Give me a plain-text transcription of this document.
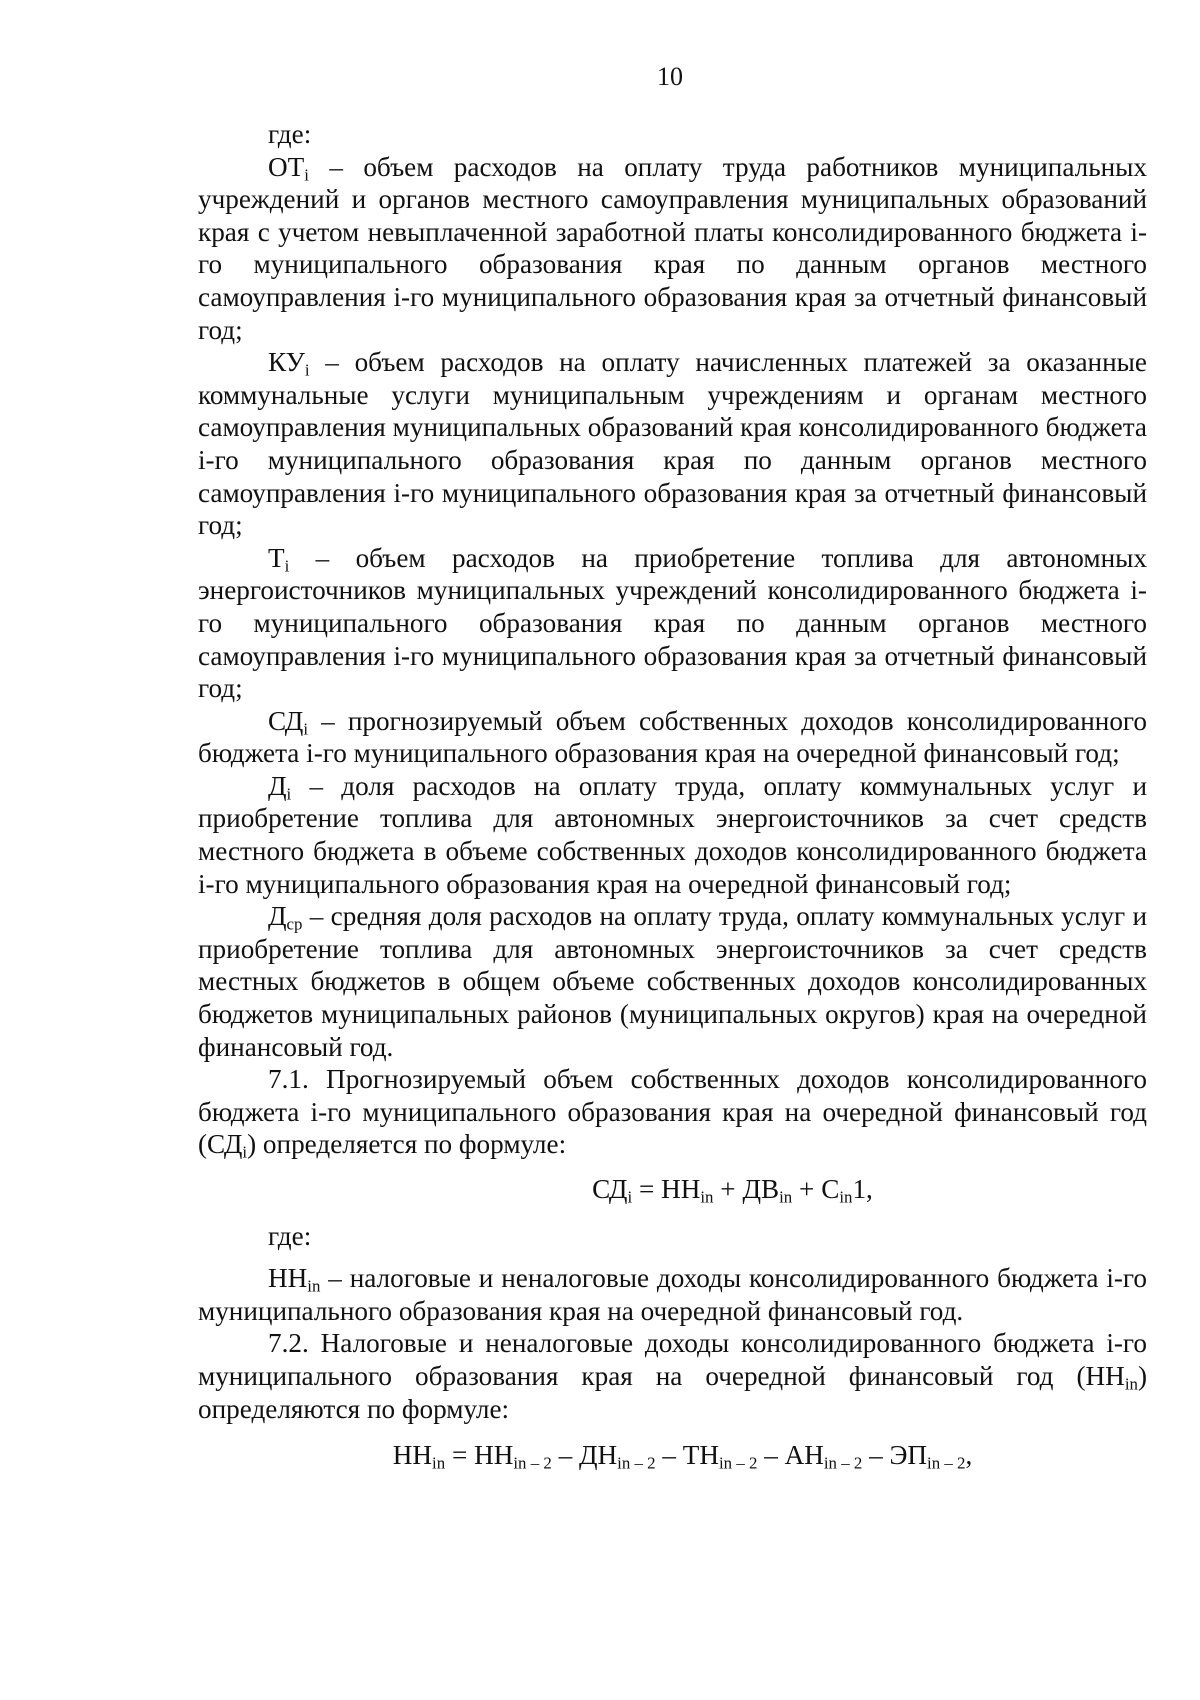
10

где:

$ОТ_i$ – объем расходов на оплату труда работников муниципальных учреждений и органов местного самоуправления муниципальных образований края с учетом невыплаченной заработной платы консолидированного бюджета i-го муниципального образования края по данным органов местного самоуправления i-го муниципального образования края за отчетный финансовый год;

$КУ_i$ – объем расходов на оплату начисленных платежей за оказанные коммунальные услуги муниципальным учреждениям и органам местного самоуправления муниципальных образований края консолидированного бюджета i-го муниципального образования края по данным органов местного самоуправления i-го муниципального образования края за отчетный финансовый год;

$Т_i$ – объем расходов на приобретение топлива для автономных энергоисточников муниципальных учреждений консолидированного бюджета i-го муниципального образования края по данным органов местного самоуправления i-го муниципального образования края за отчетный финансовый год;

$СД_i$ – прогнозируемый объем собственных доходов консолидированного бюджета i-го муниципального образования края на очередной финансовый год;

$Д_i$ – доля расходов на оплату труда, оплату коммунальных услуг и приобретение топлива для автономных энергоисточников за счет средств местного бюджета в объеме собственных доходов консолидированного бюджета i-го муниципального образования края на очередной финансовый год;

$Д_{ср}$ – средняя доля расходов на оплату труда, оплату коммунальных услуг и приобретение топлива для автономных энергоисточников за счет средств местных бюджетов в общем объеме собственных доходов консолидированных бюджетов муниципальных районов (муниципальных округов) края на очередной финансовый год.

7.1. Прогнозируемый объем собственных доходов консолидированного бюджета i-го муниципального образования края на очередной финансовый год $(СД_i)$ определяется по формуле:

$СД_i = НН_{in} + ДВ_{in} + С_{in}1$,

где:

$НН_{in}$ – налоговые и неналоговые доходы консолидированного бюджета i-го муниципального образования края на очередной финансовый год.

7.2. Налоговые и неналоговые доходы консолидированного бюджета i-го муниципального образования края на очередной финансовый год $(НН_{in})$ определяются по формуле:

$НН_{in} = НН_{in - 2} - ДН_{in - 2} - ТН_{in - 2} - АН_{in - 2} - ЭП_{in - 2}$,
